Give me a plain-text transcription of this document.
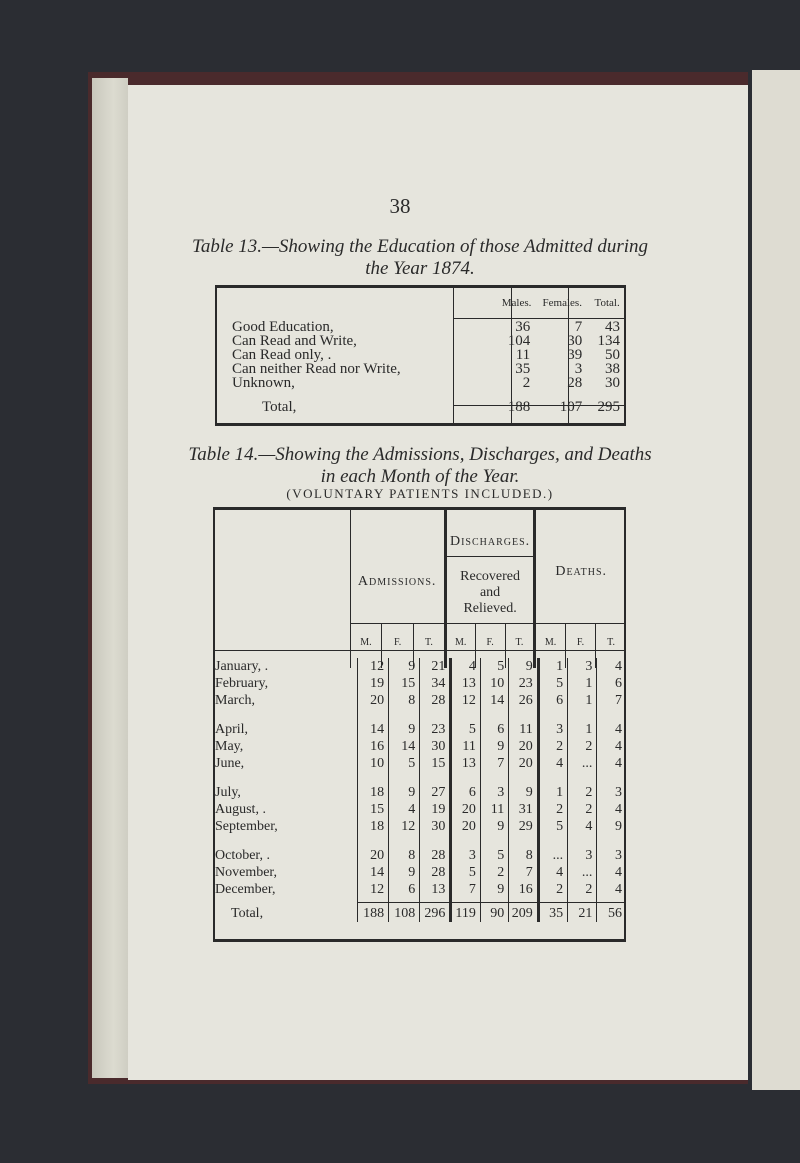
38
Table 13.—Showing the Education of those Admitted during
the Year 1874.
	Males.	Females.	Total.
Good Education,	36	7	43
Can Read and Write,	104	30	134
Can Read only, .	11	39	50
Can neither Read nor Write,	35	3	38
Unknown,	2	28	30
Total,	188	107	295
Table 14.—Showing the Admissions, Discharges, and Deaths
in each Month of the Year.
(VOLUNTARY PATIENTS INCLUDED.)
	Admissions.			Discharges.			Deaths.		
				Recovered and Relieved.					
	M.	F.	T.	M.	F.	T.	M.	F.	T.

January, .	12	9	21	4	5	9	1	3	4
February,	19	15	34	13	10	23	5	1	6
March,	20	8	28	12	14	26	6	1	7

April,	14	9	23	5	6	11	3	1	4
May,	16	14	30	11	9	20	2	2	4
June,	10	5	15	13	7	20	4	...	4

July,	18	9	27	6	3	9	1	2	3
August, .	15	4	19	20	11	31	2	2	4
September,	18	12	30	20	9	29	5	4	9

October, .	20	8	28	3	5	8	...	3	3
November,	14	9	28	5	2	7	4	...	4
December,	12	6	13	7	9	16	2	2	4

Total,	188	108	296	119	90	209	35	21	56
